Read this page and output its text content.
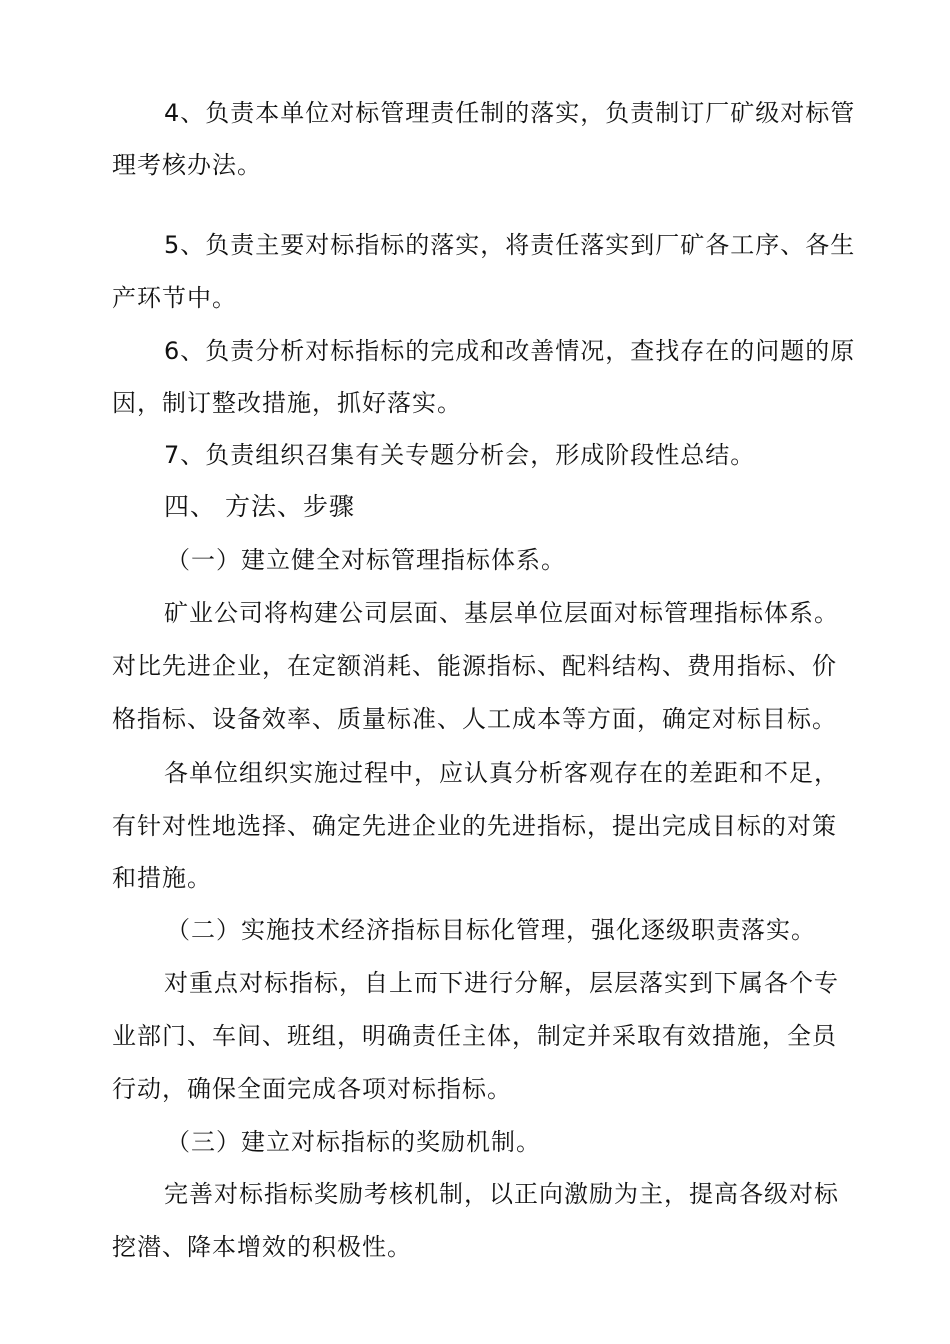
4、负责本单位对标管理责任制的落实，负责制订厂矿级对标管
理考核办法。
5、负责主要对标指标的落实，将责任落实到厂矿各工序、各生
产环节中。
6、负责分析对标指标的完成和改善情况，查找存在的问题的原
因，制订整改措施，抓好落实。
7、负责组织召集有关专题分析会，形成阶段性总结。
四、 方法、步骤
（一）建立健全对标管理指标体系。
矿业公司将构建公司层面、基层单位层面对标管理指标体系。
对比先进企业，在定额消耗、能源指标、配料结构、费用指标、价
格指标、设备效率、质量标准、人工成本等方面，确定对标目标。
各单位组织实施过程中，应认真分析客观存在的差距和不足，
有针对性地选择、确定先进企业的先进指标，提出完成目标的对策
和措施。
（二）实施技术经济指标目标化管理，强化逐级职责落实。
对重点对标指标，自上而下进行分解，层层落实到下属各个专
业部门、车间、班组，明确责任主体，制定并采取有效措施，全员
行动，确保全面完成各项对标指标。
（三）建立对标指标的奖励机制。
完善对标指标奖励考核机制，以正向激励为主，提高各级对标
挖潜、降本增效的积极性。
